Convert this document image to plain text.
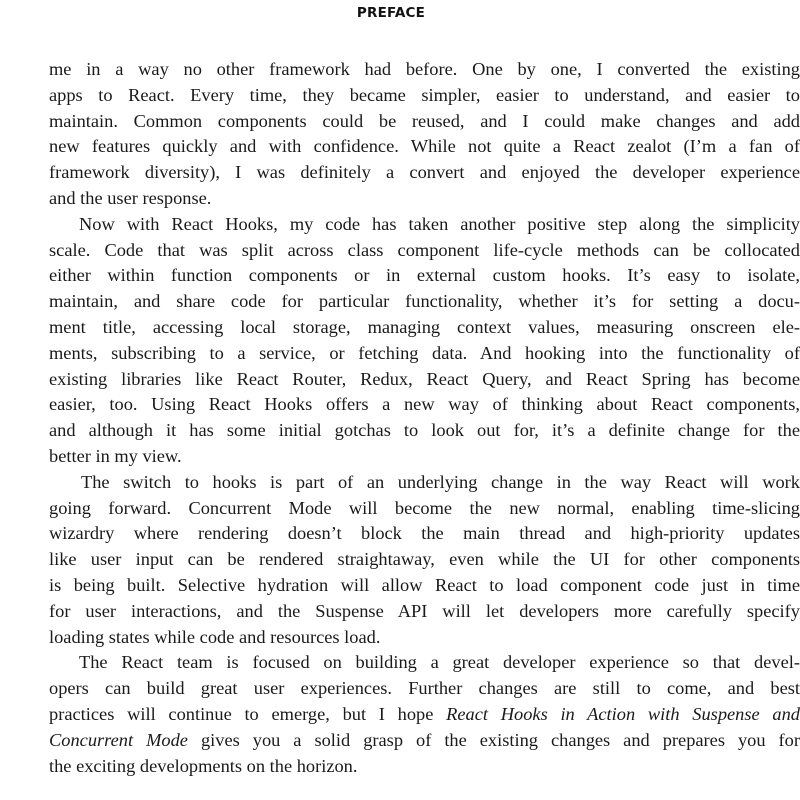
PREFACE
me in a way no other framework had before. One by one, I converted the existing
apps to React. Every time, they became simpler, easier to understand, and easier to
maintain. Common components could be reused, and I could make changes and add
new features quickly and with confidence. While not quite a React zealot (I’m a fan of
framework diversity), I was definitely a convert and enjoyed the developer experience
and the user response.
Now with React Hooks, my code has taken another positive step along the simplicity
scale. Code that was split across class component life-cycle methods can be collocated
either within function components or in external custom hooks. It’s easy to isolate,
maintain, and share code for particular functionality, whether it’s for setting a docu-
ment title, accessing local storage, managing context values, measuring onscreen ele-
ments, subscribing to a service, or fetching data. And hooking into the functionality of
existing libraries like React Router, Redux, React Query, and React Spring has become
easier, too. Using React Hooks offers a new way of thinking about React components,
and although it has some initial gotchas to look out for, it’s a definite change for the
better in my view.
The switch to hooks is part of an underlying change in the way React will work
going forward. Concurrent Mode will become the new normal, enabling time-slicing
wizardry where rendering doesn’t block the main thread and high-priority updates
like user input can be rendered straightaway, even while the UI for other components
is being built. Selective hydration will allow React to load component code just in time
for user interactions, and the Suspense API will let developers more carefully specify
loading states while code and resources load.
The React team is focused on building a great developer experience so that devel-
opers can build great user experiences. Further changes are still to come, and best
practices will continue to emerge, but I hope React Hooks in Action with Suspense and
Concurrent Mode gives you a solid grasp of the existing changes and prepares you for
the exciting developments on the horizon.
